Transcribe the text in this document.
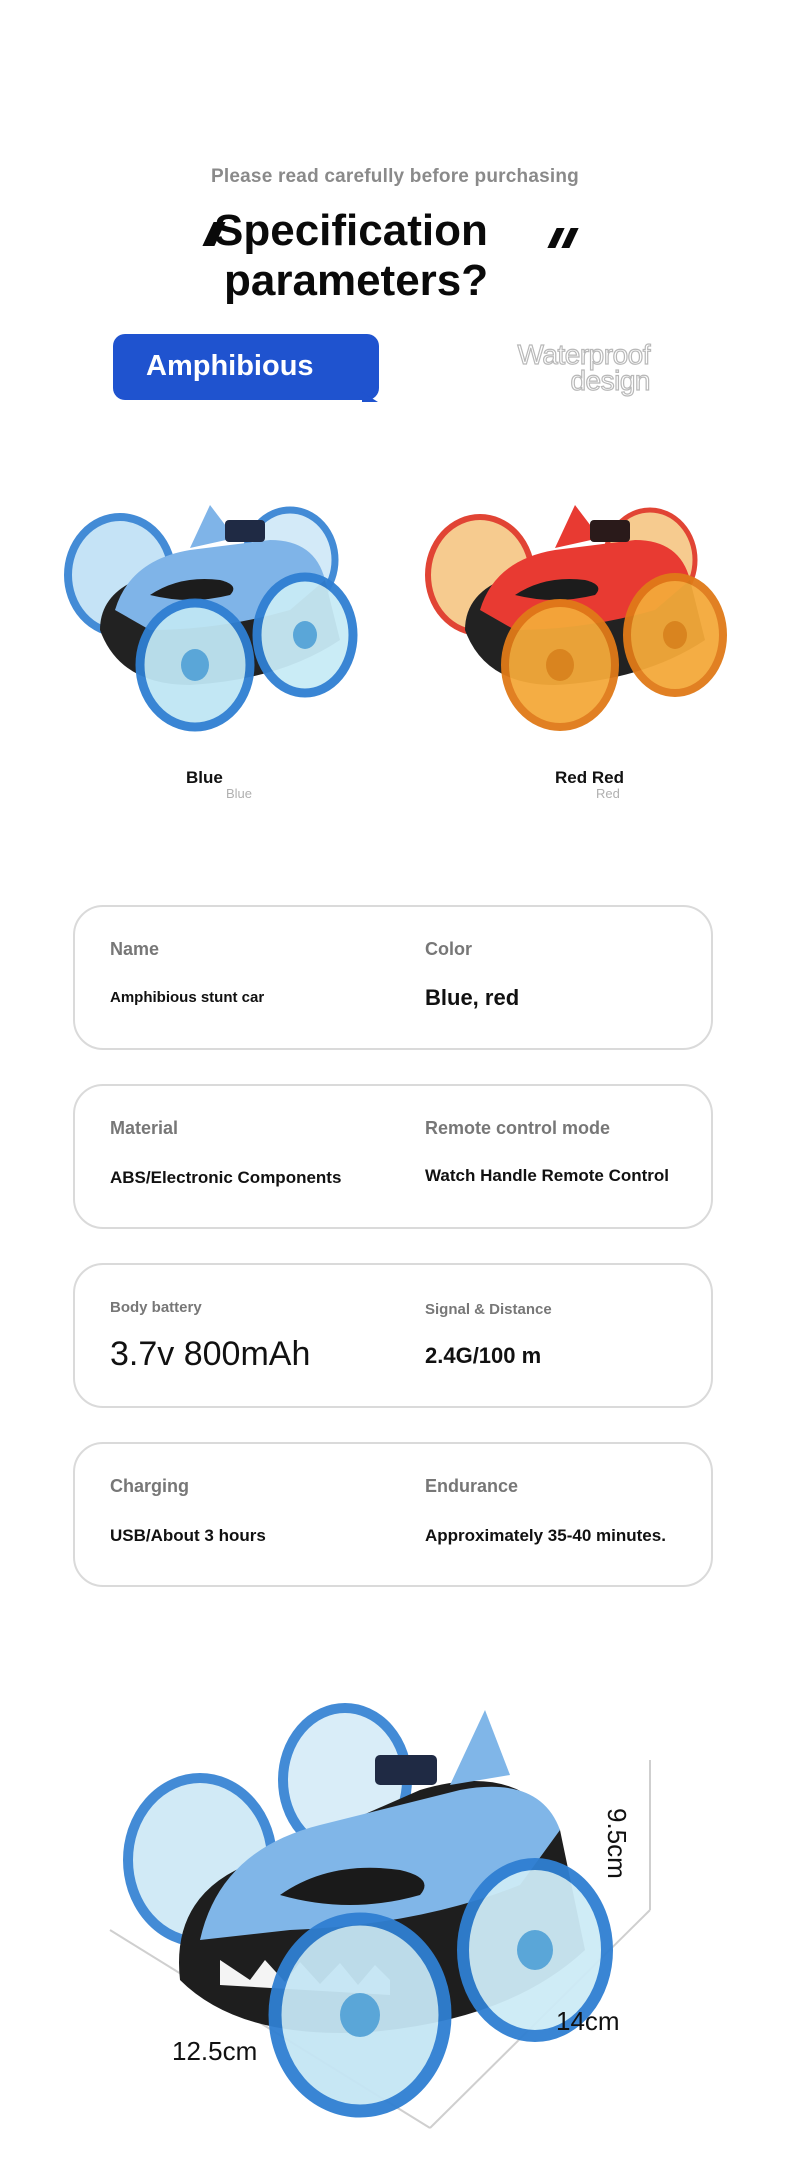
Please read carefully before purchasing
Specification
parameters?
Amphibious	Waterproof
design
Blue
Blue
Red Red
Red
Name
Amphibious stunt car
Color
Blue, red
Material
ABS/Electronic Components
Remote control mode
Watch Handle Remote Control
Body battery
3.7v 800mAh
Signal & Distance
2.4G/100 m
Charging
USB/About 3 hours
Endurance
Approximately 35-40 minutes.
9.5cm
14cm
12.5cm
